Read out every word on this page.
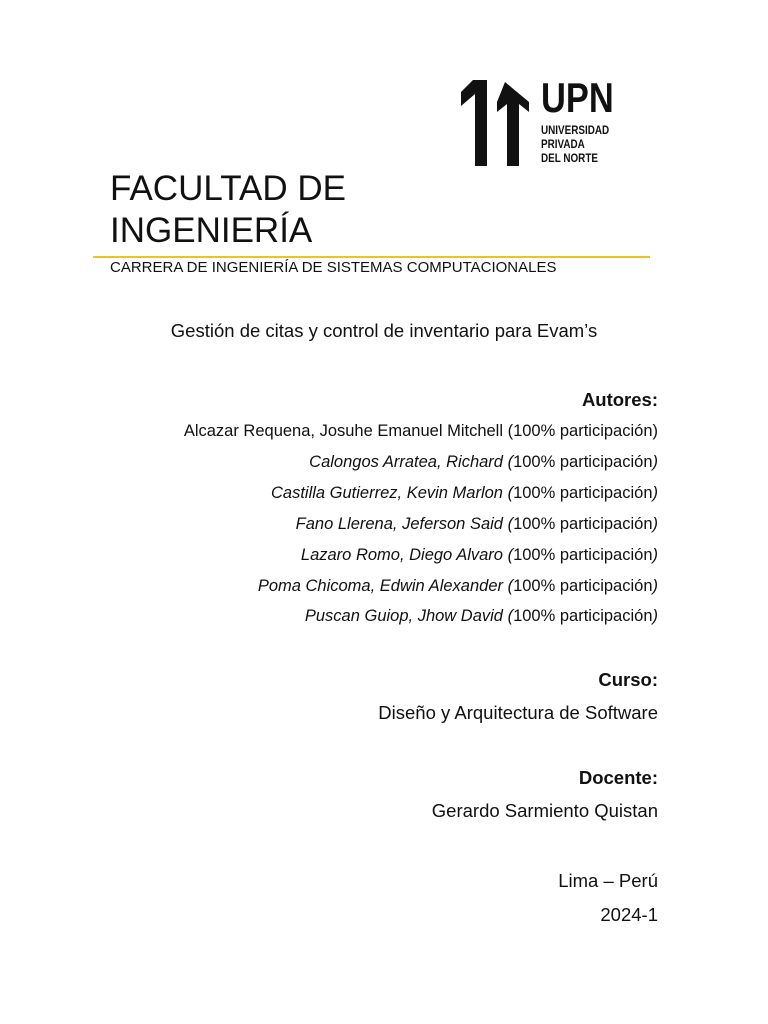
UPN
UNIVERSIDAD
PRIVADA
DEL NORTE
FACULTAD DE
INGENIERÍA
CARRERA DE INGENIERÍA DE SISTEMAS COMPUTACIONALES
Gestión de citas y control de inventario para Evam’s
Autores:
Alcazar Requena, Josuhe Emanuel Mitchell (100% participación)
Calongos Arratea, Richard (100% participación)
Castilla Gutierrez, Kevin Marlon (100% participación)
Fano Llerena, Jeferson Said (100% participación)
Lazaro Romo, Diego Alvaro (100% participación)
Poma Chicoma, Edwin Alexander (100% participación)
Puscan Guiop, Jhow David (100% participación)
Curso:
Diseño y Arquitectura de Software
Docente:
Gerardo Sarmiento Quistan
Lima – Perú
2024-1
